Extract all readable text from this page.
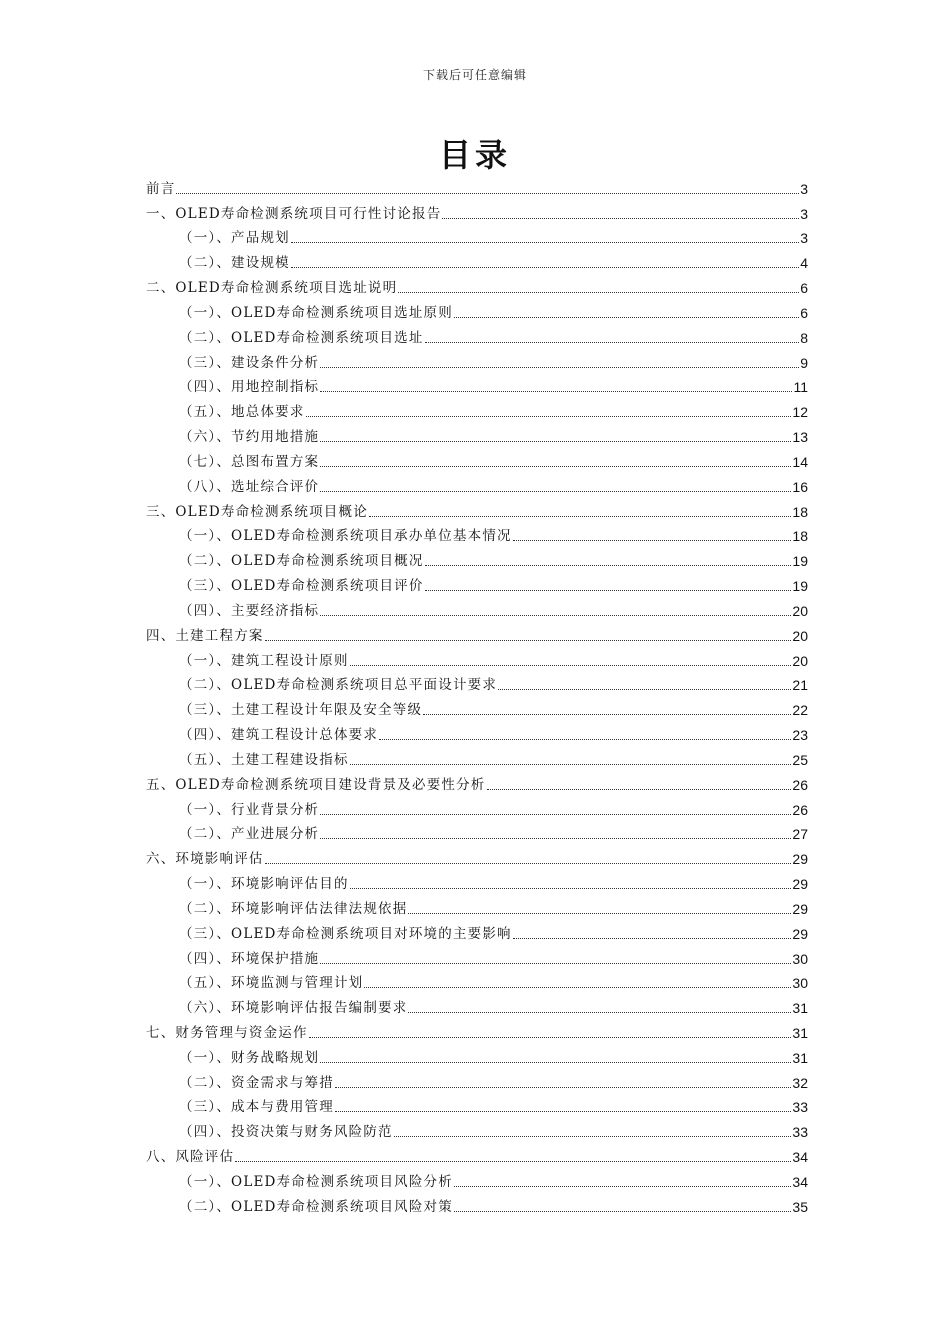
下载后可任意编辑
目录
前言	3
一、OLED寿命检测系统项目可行性讨论报告	3
（一）、产品规划	3
（二）、建设规模	4
二、OLED寿命检测系统项目选址说明	6
（一）、OLED寿命检测系统项目选址原则	6
（二）、OLED寿命检测系统项目选址	8
（三）、建设条件分析	9
（四）、用地控制指标	11
（五）、地总体要求	12
（六）、节约用地措施	13
（七）、总图布置方案	14
（八）、选址综合评价	16
三、OLED寿命检测系统项目概论	18
（一）、OLED寿命检测系统项目承办单位基本情况	18
（二）、OLED寿命检测系统项目概况	19
（三）、OLED寿命检测系统项目评价	19
（四）、主要经济指标	20
四、土建工程方案	20
（一）、建筑工程设计原则	20
（二）、OLED寿命检测系统项目总平面设计要求	21
（三）、土建工程设计年限及安全等级	22
（四）、建筑工程设计总体要求	23
（五）、土建工程建设指标	25
五、OLED寿命检测系统项目建设背景及必要性分析	26
（一）、行业背景分析	26
（二）、产业进展分析	27
六、环境影响评估	29
（一）、环境影响评估目的	29
（二）、环境影响评估法律法规依据	29
（三）、OLED寿命检测系统项目对环境的主要影响	29
（四）、环境保护措施	30
（五）、环境监测与管理计划	30
（六）、环境影响评估报告编制要求	31
七、财务管理与资金运作	31
（一）、财务战略规划	31
（二）、资金需求与筹措	32
（三）、成本与费用管理	33
（四）、投资决策与财务风险防范	33
八、风险评估	34
（一）、OLED寿命检测系统项目风险分析	34
（二）、OLED寿命检测系统项目风险对策	35
